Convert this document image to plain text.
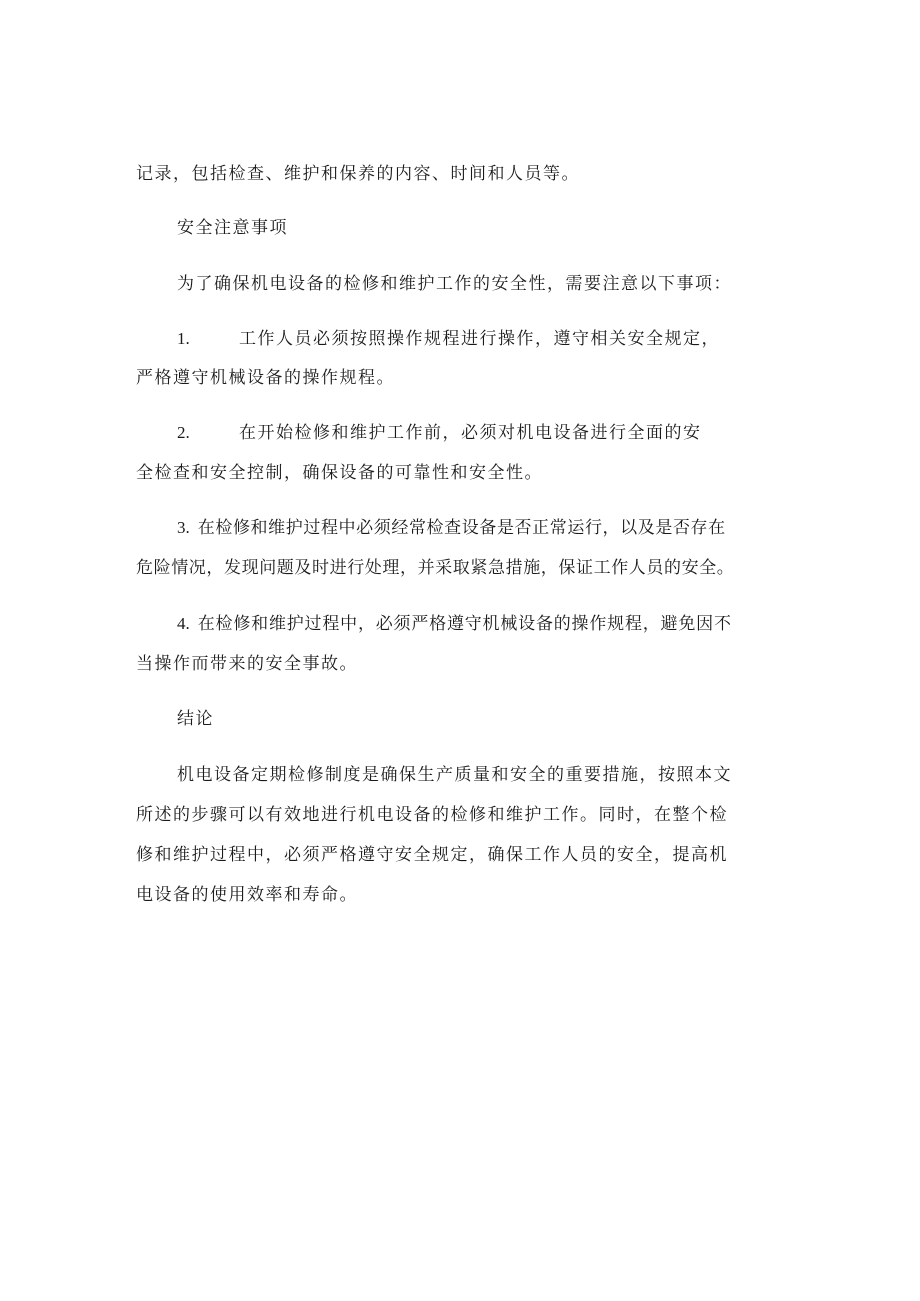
记录，包括检查、维护和保养的内容、时间和人员等。
安全注意事项
为了确保机电设备的检修和维护工作的安全性，需要注意以下事项：
1.	工作人员必须按照操作规程进行操作，遵守相关安全规定，
严格遵守机械设备的操作规程。
2.	在开始检修和维护工作前，必须对机电设备进行全面的安
全检查和安全控制，确保设备的可靠性和安全性。
3. 在检修和维护过程中必须经常检查设备是否正常运行，以及是否存在
危险情况，发现问题及时进行处理，并采取紧急措施，保证工作人员的安全。
4. 在检修和维护过程中，必须严格遵守机械设备的操作规程，避免因不
当操作而带来的安全事故。
结论
机电设备定期检修制度是确保生产质量和安全的重要措施，按照本文
所述的步骤可以有效地进行机电设备的检修和维护工作。同时，在整个检
修和维护过程中，必须严格遵守安全规定，确保工作人员的安全，提高机
电设备的使用效率和寿命。
